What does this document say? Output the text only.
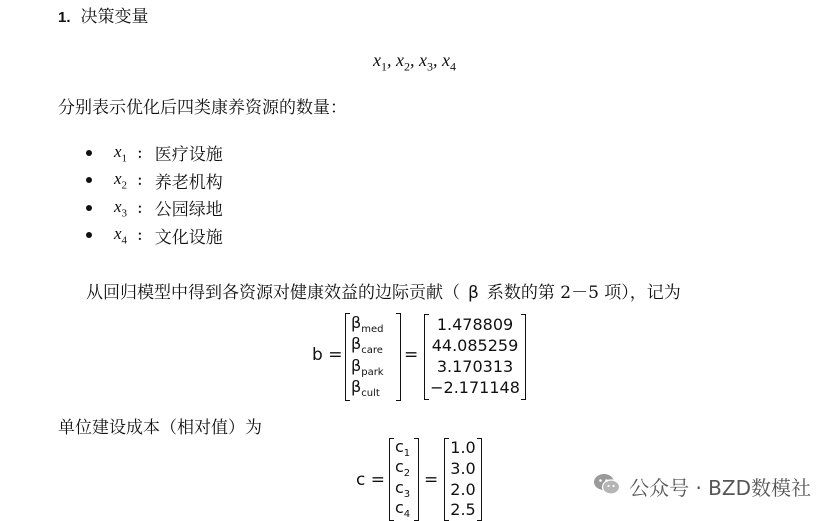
1. 决策变量
$x_1$, $x_2$, $x_3$, $x_4$
分别表示优化后四类康养资源的数量：
$x_1$ : 医疗设施
$x_2$ : 养老机构
$x_3$ : 公园绿地
$x_4$ : 文化设施
从回归模型中得到各资源对健康效益的边际贡献（ β 系数的第 2－5 项），记为
b =
$\beta_{med}$
$\beta_{care}$
$\beta_{park}$
$\beta_{cult}$
=
1.478809
44.085259
3.170313
−2.171148
单位建设成本（相对值）为
c =
$c_1$
$c_2$
$c_3$
$c_4$
=
1.0
3.0
2.0
2.5
公众号 · BZD数模社
